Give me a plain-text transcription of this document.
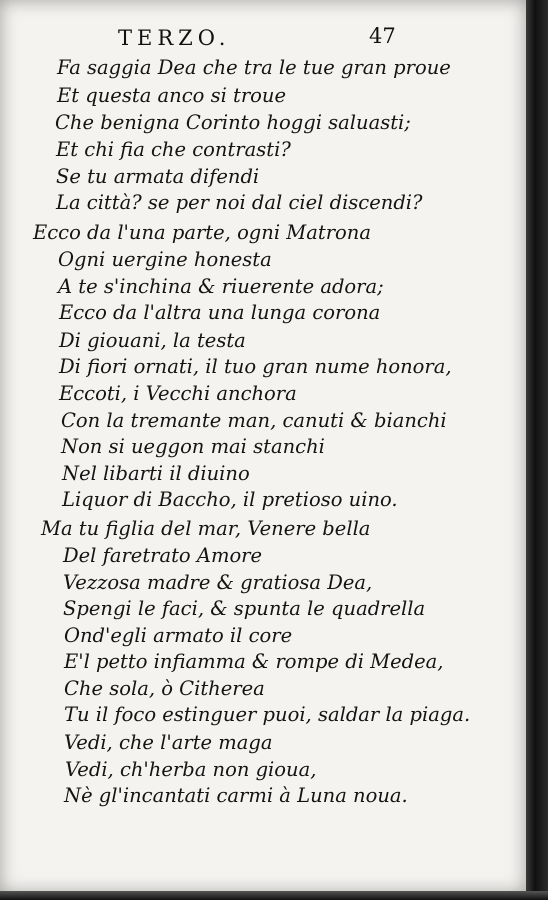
TERZO.	47

Fa saggia Dea che tra le tue gran proue

Et questa anco si troue

Che benigna Corinto hoggi saluasti;

Et chi fia che contrasti?

Se tu armata difendi

La città? se per noi dal ciel discendi?

Ecco da l'una parte, ogni Matrona

Ogni uergine honesta

A te s'inchina & riuerente adora;

Ecco da l'altra una lunga corona

Di giouani, la testa

Di fiori ornati, il tuo gran nume honora,

Eccoti, i Vecchi anchora

Con la tremante man, canuti & bianchi

Non si ueggon mai stanchi

Nel libarti il diuino

Liquor di Baccho, il pretioso uino.

Ma tu figlia del mar, Venere bella

Del faretrato Amore

Vezzosa madre & gratiosa Dea,

Spengi le faci, & spunta le quadrella

Ond'egli armato il core

E'l petto infiamma & rompe di Medea,

Che sola, ò Citherea

Tu il foco estinguer puoi, saldar la piaga.

Vedi, che l'arte maga

Vedi, ch'herba non gioua,

Nè gl'incantati carmi à Luna noua.
